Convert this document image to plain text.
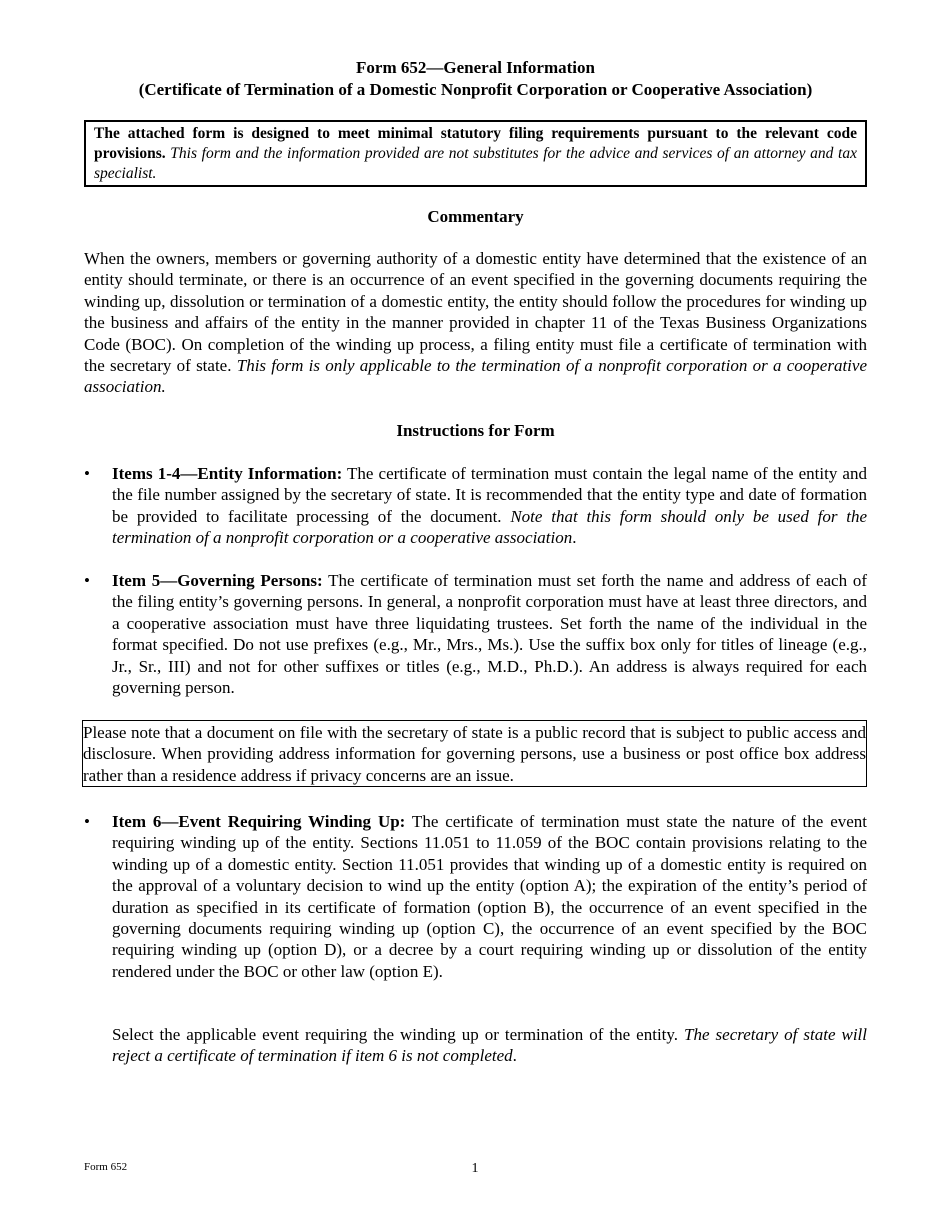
Form 652—General Information
(Certificate of Termination of a Domestic Nonprofit Corporation or Cooperative Association)
The attached form is designed to meet minimal statutory filing requirements pursuant to the relevant code provisions. This form and the information provided are not substitutes for the advice and services of an attorney and tax specialist.
Commentary
When the owners, members or governing authority of a domestic entity have determined that the existence of an entity should terminate, or there is an occurrence of an event specified in the governing documents requiring the winding up, dissolution or termination of a domestic entity, the entity should follow the procedures for winding up the business and affairs of the entity in the manner provided in chapter 11 of the Texas Business Organizations Code (BOC). On completion of the winding up process, a filing entity must file a certificate of termination with the secretary of state. This form is only applicable to the termination of a nonprofit corporation or a cooperative association.
Instructions for Form
•	Items 1-4—Entity Information: The certificate of termination must contain the legal name of the entity and the file number assigned by the secretary of state. It is recommended that the entity type and date of formation be provided to facilitate processing of the document. Note that this form should only be used for the termination of a nonprofit corporation or a cooperative association.
•	Item 5—Governing Persons: The certificate of termination must set forth the name and address of each of the filing entity’s governing persons. In general, a nonprofit corporation must have at least three directors, and a cooperative association must have three liquidating trustees. Set forth the name of the individual in the format specified. Do not use prefixes (e.g., Mr., Mrs., Ms.). Use the suffix box only for titles of lineage (e.g., Jr., Sr., III) and not for other suffixes or titles (e.g., M.D., Ph.D.). An address is always required for each governing person.
Please note that a document on file with the secretary of state is a public record that is subject to public access and disclosure. When providing address information for governing persons, use a business or post office box address rather than a residence address if privacy concerns are an issue.
•	Item 6—Event Requiring Winding Up: The certificate of termination must state the nature of the event requiring winding up of the entity. Sections 11.051 to 11.059 of the BOC contain provisions relating to the winding up of a domestic entity. Section 11.051 provides that winding up of a domestic entity is required on the approval of a voluntary decision to wind up the entity (option A); the expiration of the entity’s period of duration as specified in its certificate of formation (option B), the occurrence of an event specified in the governing documents requiring winding up (option C), the occurrence of an event specified by the BOC requiring winding up (option D), or a decree by a court requiring winding up or dissolution of the entity rendered under the BOC or other law (option E).
Select the applicable event requiring the winding up or termination of the entity. The secretary of state will reject a certificate of termination if item 6 is not completed.
Form 652	1
